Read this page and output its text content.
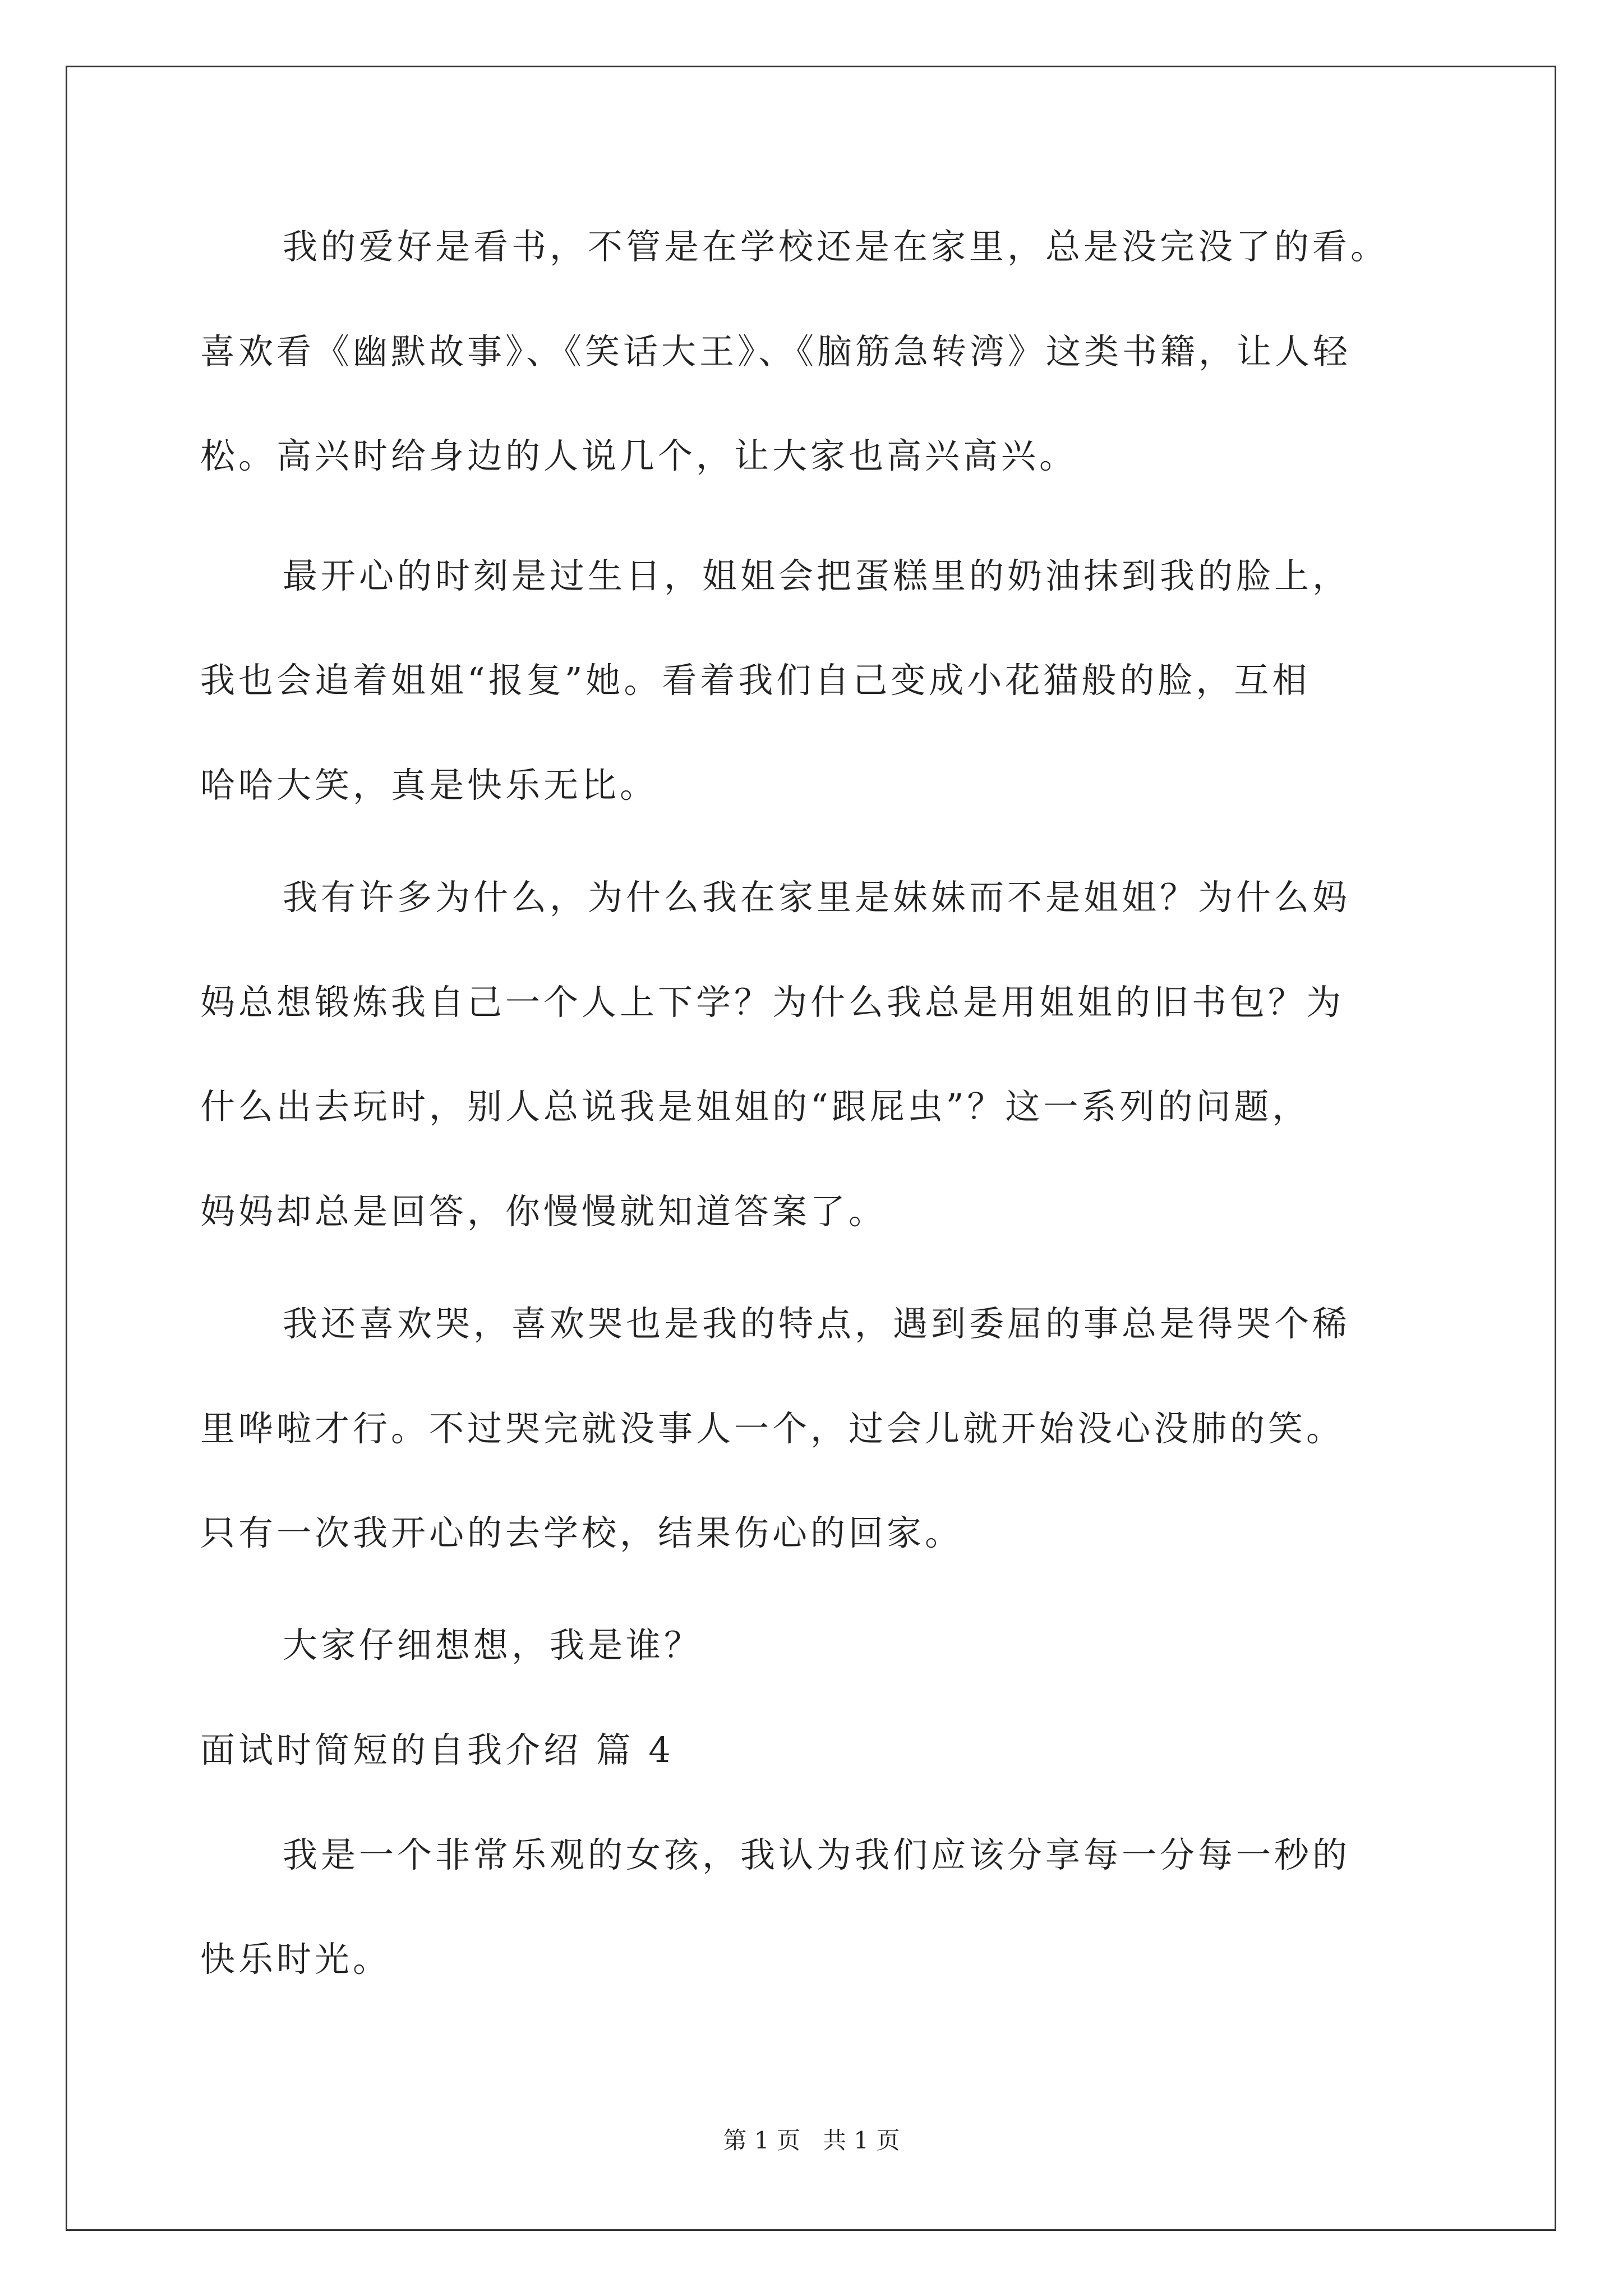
我的爱好是看书，不管是在学校还是在家里，总是没完没了的看。
喜欢看《幽默故事》、《笑话大王》、《脑筋急转湾》这类书籍，让人轻
松。高兴时给身边的人说几个，让大家也高兴高兴。
最开心的时刻是过生日，姐姐会把蛋糕里的奶油抹到我的脸上，
我也会追着姐姐“报复”她。看着我们自己变成小花猫般的脸，互相
哈哈大笑，真是快乐无比。
我有许多为什么，为什么我在家里是妹妹而不是姐姐？为什么妈
妈总想锻炼我自己一个人上下学？为什么我总是用姐姐的旧书包？为
什么出去玩时，别人总说我是姐姐的“跟屁虫”？这一系列的问题，
妈妈却总是回答，你慢慢就知道答案了。
我还喜欢哭，喜欢哭也是我的特点，遇到委屈的事总是得哭个稀
里哗啦才行。不过哭完就没事人一个，过会儿就开始没心没肺的笑。
只有一次我开心的去学校，结果伤心的回家。
大家仔细想想，我是谁？
面试时简短的自我介绍 篇 4
我是一个非常乐观的女孩，我认为我们应该分享每一分每一秒的
快乐时光。
第 1 页   共 1 页
